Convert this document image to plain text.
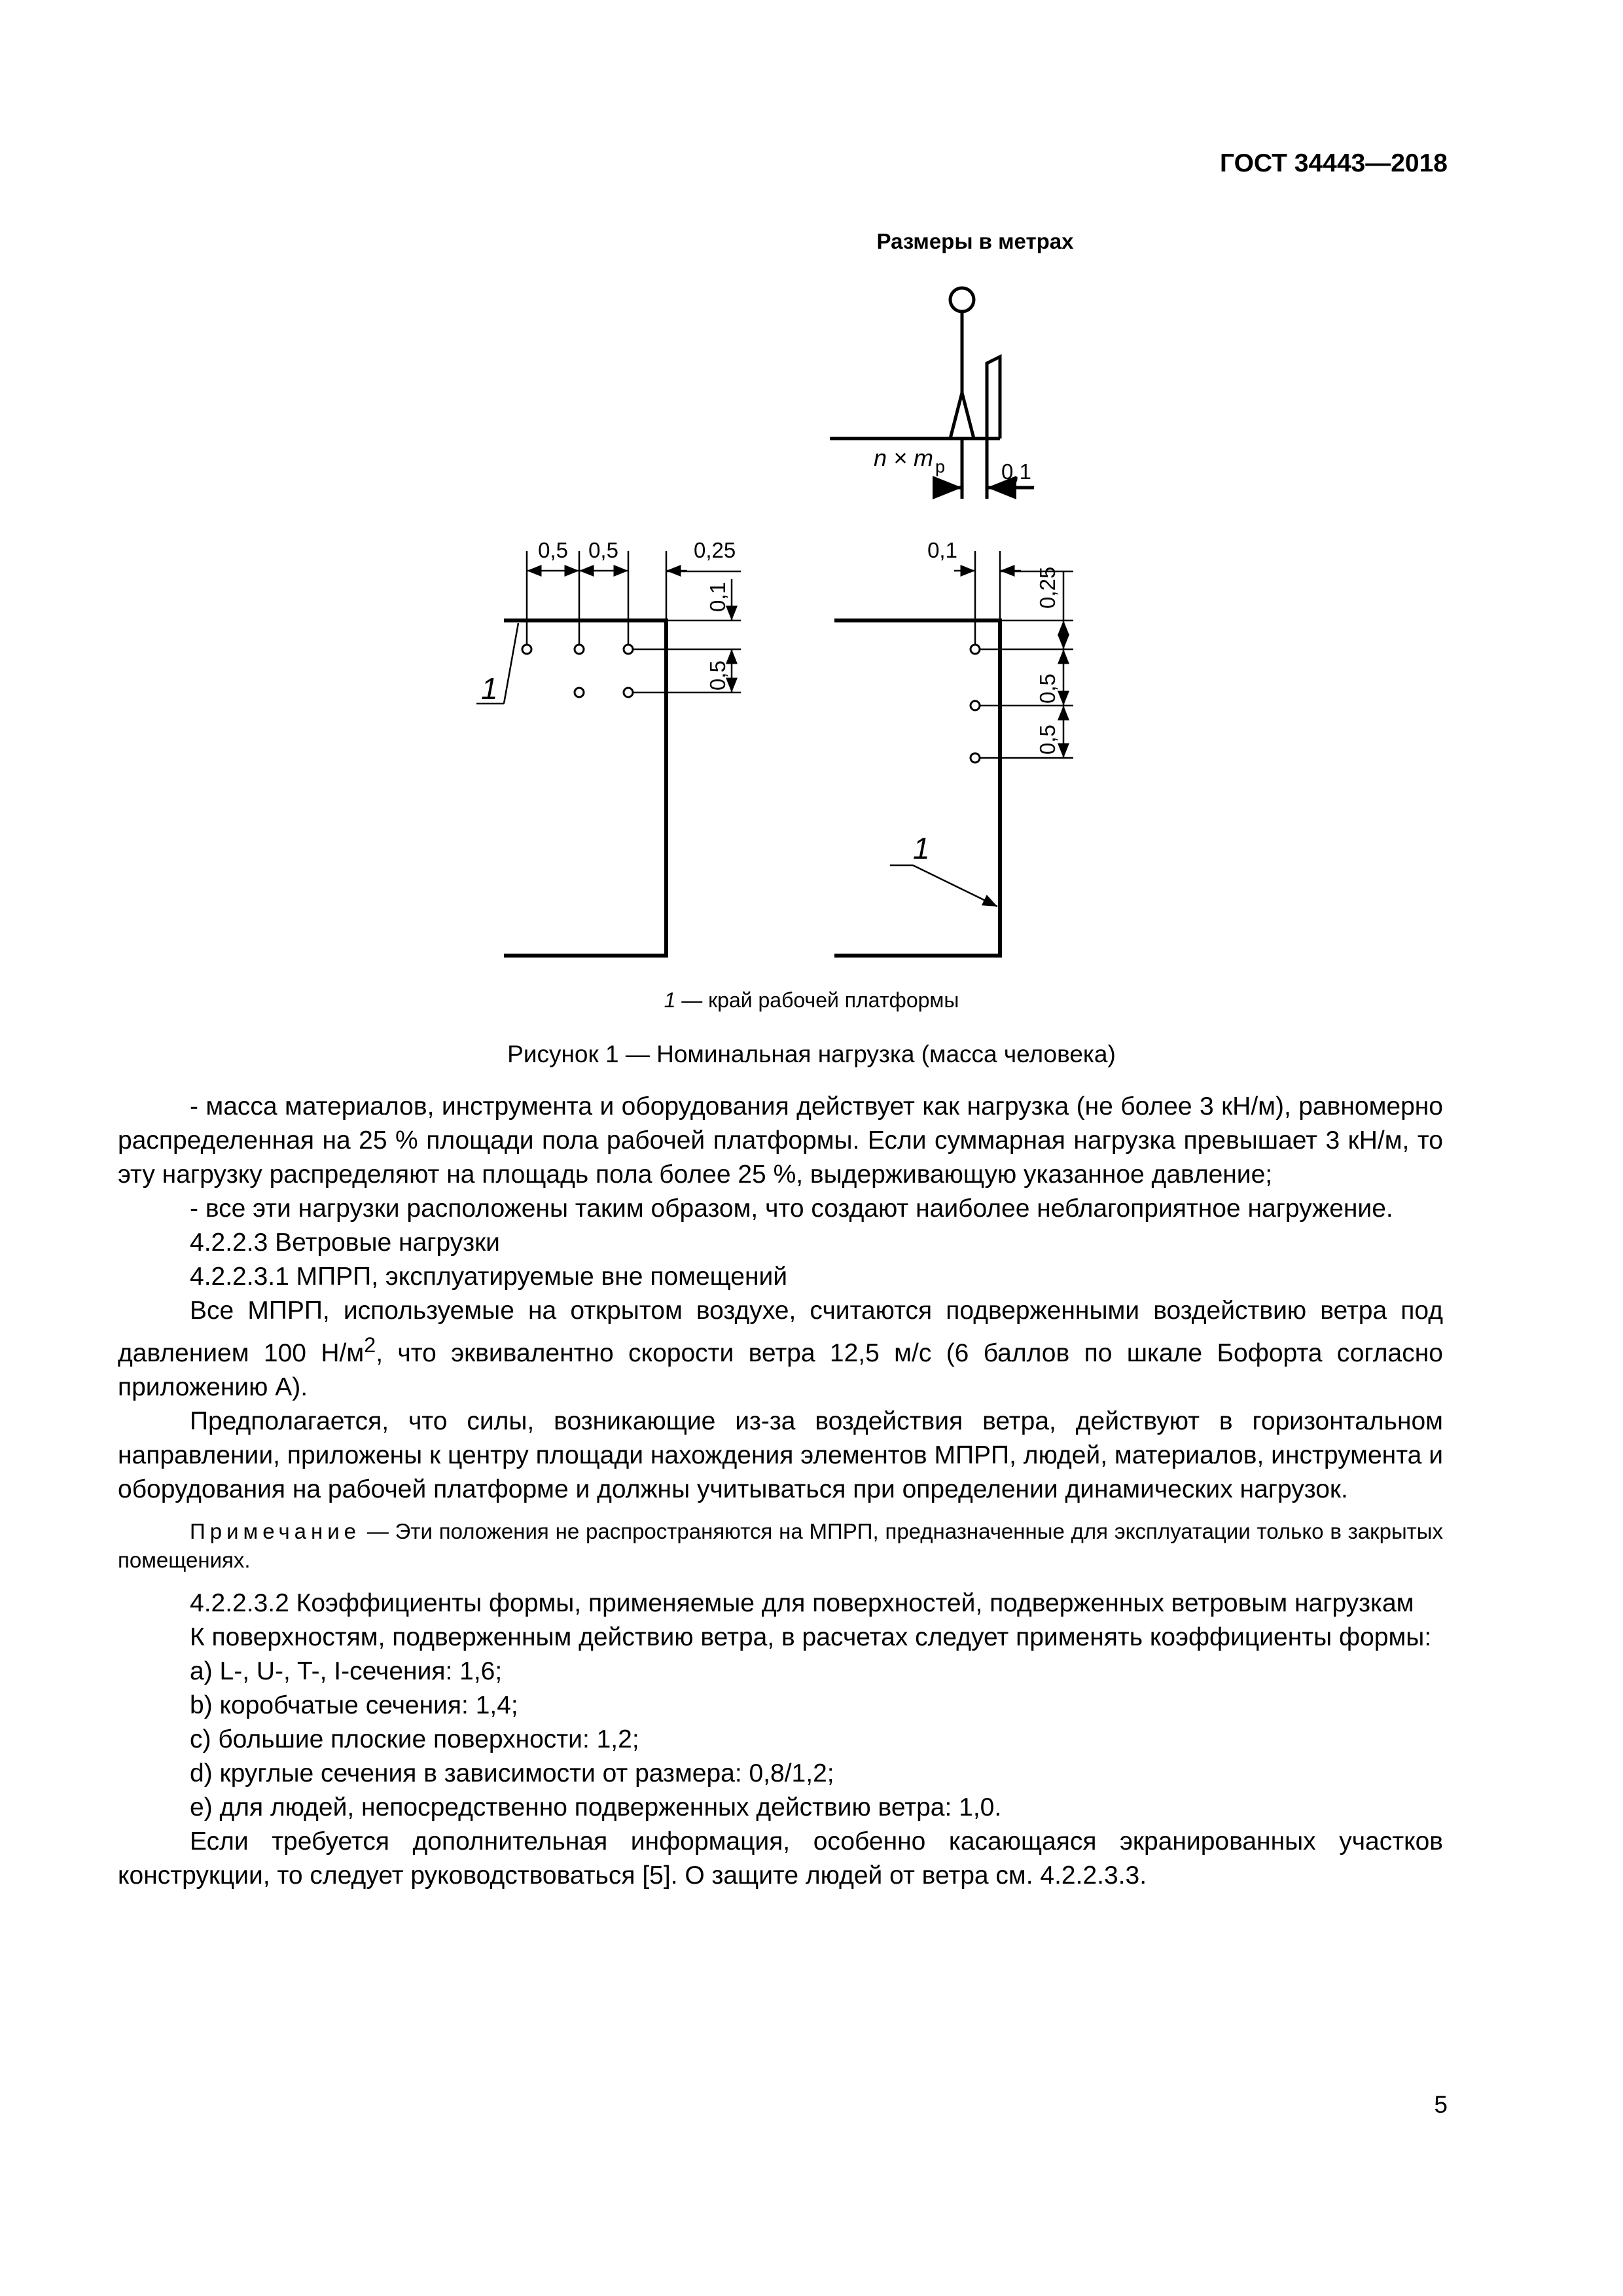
ГОСТ 34443—2018
Размеры в метрах
n × m $_p$	0,1
0,5 0,5	0,25
0,1
0,5
1
0,1
0,25
0,5
0,5
1
1 — край рабочей платформы
Рисунок 1 — Номинальная нагрузка (масса человека)

- масса материалов, инструмента и оборудования действует как нагрузка (не более 3 кН/м), равномерно распределенная на 25 % площади пола рабочей платформы. Если суммарная нагрузка превышает 3 кН/м, то эту нагрузку распределяют на площадь пола более 25 %, выдерживающую указанное давление;

- все эти нагрузки расположены таким образом, что создают наиболее неблагоприятное нагружение.

4.2.2.3 Ветровые нагрузки

4.2.2.3.1 МПРП, эксплуатируемые вне помещений

Все МПРП, используемые на открытом воздухе, считаются подверженными воздействию ветра под давлением 100 $Н/м^2$, что эквивалентно скорости ветра 12,5 м/с (6 баллов по шкале Бофорта согласно приложению А).

Предполагается, что силы, возникающие из-за воздействия ветра, действуют в горизонтальном направлении, приложены к центру площади нахождения элементов МПРП, людей, материалов, инструмента и оборудования на рабочей платформе и должны учитываться при определении динамических нагрузок.

Примечание — Эти положения не распространяются на МПРП, предназначенные для эксплуатации только в закрытых помещениях.

4.2.2.3.2 Коэффициенты формы, применяемые для поверхностей, подверженных ветровым нагрузкам

К поверхностям, подверженным действию ветра, в расчетах следует применять коэффициенты формы:

a) L-, U-, T-, I-сечения: 1,6;

b) коробчатые сечения: 1,4;

c) большие плоские поверхности: 1,2;

d) круглые сечения в зависимости от размера: 0,8/1,2;

e) для людей, непосредственно подверженных действию ветра: 1,0.

Если требуется дополнительная информация, особенно касающаяся экранированных участков конструкции, то следует руководствоваться [5]. О защите людей от ветра см. 4.2.2.3.3.

5
